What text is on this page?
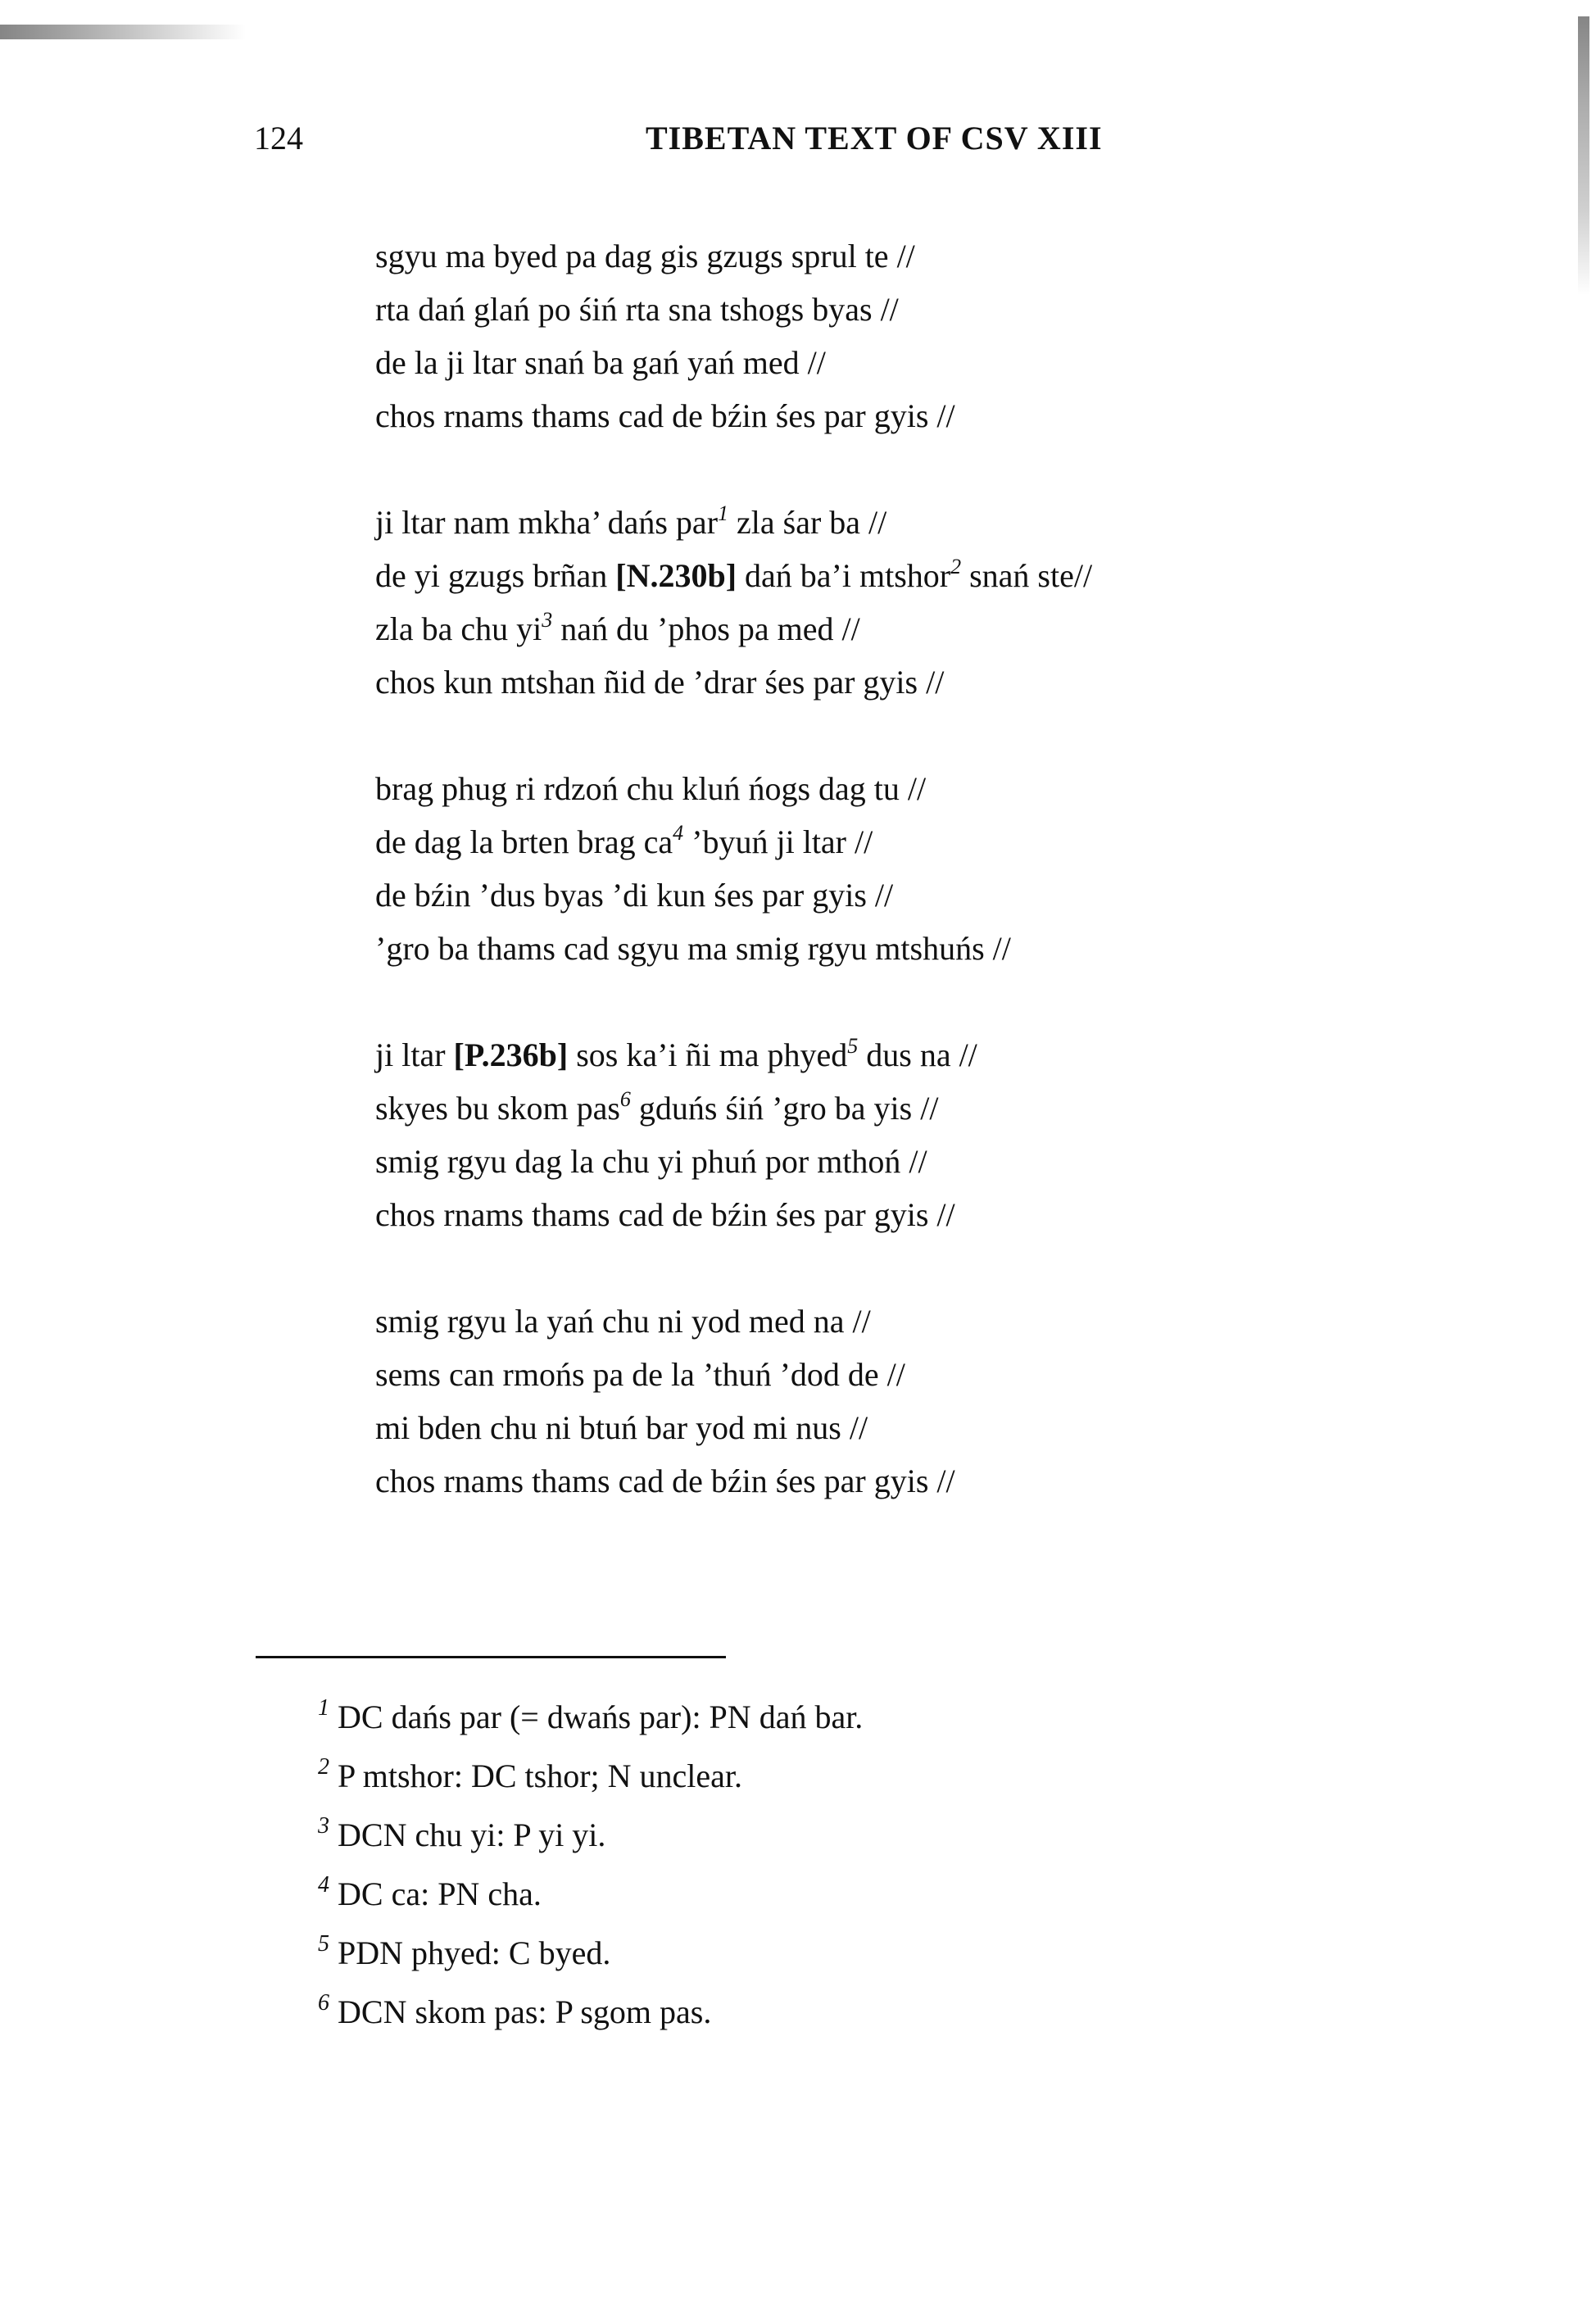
124	TIBETAN TEXT OF CSV XIII
sgyu ma byed pa dag gis gzugs sprul te //
rta dań glań po śiń rta sna tshogs byas //
de la ji ltar snań ba gań yań med //
chos rnams thams cad de bźin śes par gyis //
ji ltar nam mkha’ dańs par$^1$ zla śar ba //
de yi gzugs brñan [N.230b] dań ba’i mtshor$^2$ snań ste//
zla ba chu $yi^3$ nań du ’phos pa med //
chos kun mtshan ñid de ’drar śes par gyis //
brag phug ri rdzoń chu kluń ńogs dag tu //
de dag la brten brag $ca^4$ ’byuń ji ltar //
de bźin ’dus byas ’di kun śes par gyis //
’gro ba thams cad sgyu ma smig rgyu mtshuńs //
ji ltar [P.236b] sos ka’i ñi ma phyed$^5$ dus na //
skyes bu skom pas$^6$ gduńs śiń ’gro ba yis //
smig rgyu dag la chu yi phuń por mthoń //
chos rnams thams cad de bźin śes par gyis //
smig rgyu la yań chu ni yod med na //
sems can rmońs pa de la ’thuń ’dod de //
mi bden chu ni btuń bar yod mi nus //
chos rnams thams cad de bźin śes par gyis //
$^1$ DC dańs par (= dwańs par): PN dań bar.
$^2$ P mtshor: DC tshor; N unclear.
$^3$ DCN chu yi: P yi yi.
$^4$ DC ca: PN cha.
$^5$ PDN phyed: C byed.
$^6$ DCN skom pas: P sgom pas.
